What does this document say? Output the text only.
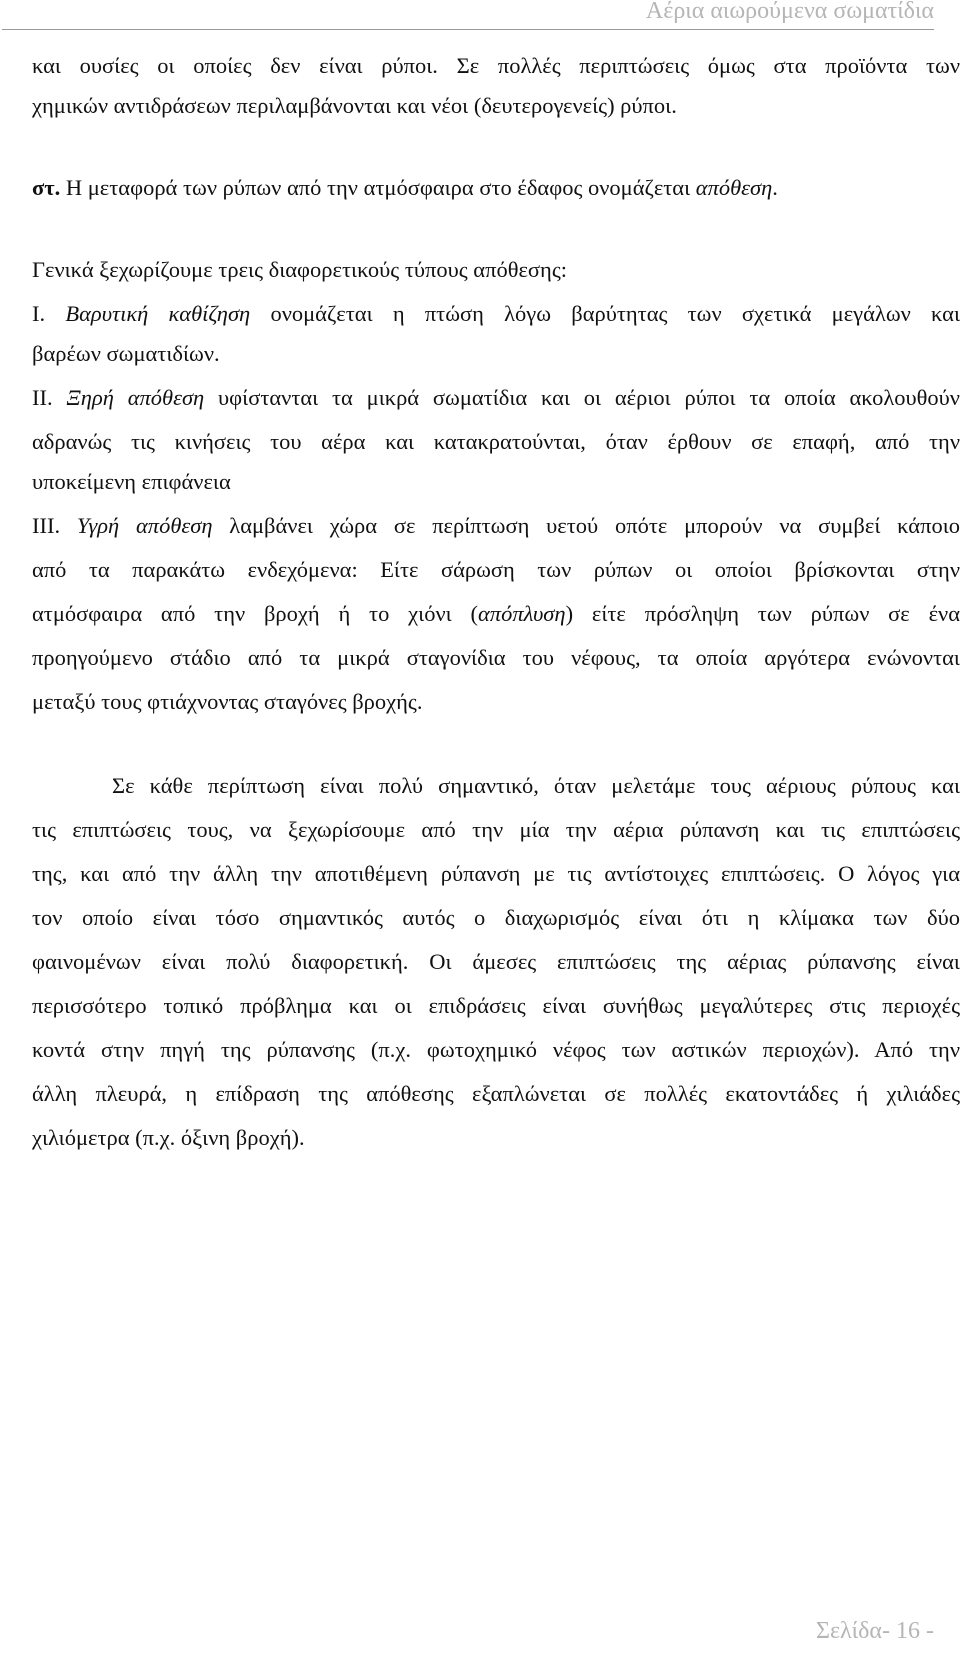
Αέρια αιωρούμενα σωματίδια
και ουσίες οι οποίες δεν είναι ρύποι. Σε πολλές περιπτώσεις όμως στα προϊόντα των
χημικών αντιδράσεων περιλαμβάνονται και νέοι (δευτερογενείς) ρύποι.
στ. Η μεταφορά των ρύπων από την ατμόσφαιρα στο έδαφος ονομάζεται απόθεση.
Γενικά ξεχωρίζουμε τρεις διαφορετικούς τύπους απόθεσης:
I. Βαρυτική καθίζηση ονομάζεται η πτώση λόγω βαρύτητας των σχετικά μεγάλων και
βαρέων σωματιδίων.
II. Ξηρή απόθεση υφίστανται τα μικρά σωματίδια και οι αέριοι ρύποι τα οποία ακολουθούν
αδρανώς τις κινήσεις του αέρα και κατακρατούνται, όταν έρθουν σε επαφή, από την
υποκείμενη επιφάνεια
III. Υγρή απόθεση λαμβάνει χώρα σε περίπτωση υετού οπότε μπορούν να συμβεί κάποιο
από τα παρακάτω ενδεχόμενα: Είτε σάρωση των ρύπων οι οποίοι βρίσκονται στην
ατμόσφαιρα από την βροχή ή το χιόνι (απόπλυση) είτε πρόσληψη των ρύπων σε ένα
προηγούμενο στάδιο από τα μικρά σταγονίδια του νέφους, τα οποία αργότερα ενώνονται
μεταξύ τους φτιάχνοντας σταγόνες βροχής.
Σε κάθε περίπτωση είναι πολύ σημαντικό, όταν μελετάμε τους αέριους ρύπους και
τις επιπτώσεις τους, να ξεχωρίσουμε από την μία την αέρια ρύπανση και τις επιπτώσεις
της, και από την άλλη την αποτιθέμενη ρύπανση με τις αντίστοιχες επιπτώσεις. Ο λόγος για
τον οποίο είναι τόσο σημαντικός αυτός ο διαχωρισμός είναι ότι η κλίμακα των δύο
φαινομένων είναι πολύ διαφορετική. Οι άμεσες επιπτώσεις της αέριας ρύπανσης είναι
περισσότερο τοπικό πρόβλημα και οι επιδράσεις είναι συνήθως μεγαλύτερες στις περιοχές
κοντά στην πηγή της ρύπανσης (π.χ. φωτοχημικό νέφος των αστικών περιοχών). Από την
άλλη πλευρά, η επίδραση της απόθεσης εξαπλώνεται σε πολλές εκατοντάδες ή χιλιάδες
χιλιόμετρα (π.χ. όξινη βροχή).
Σελίδα- 16 -
